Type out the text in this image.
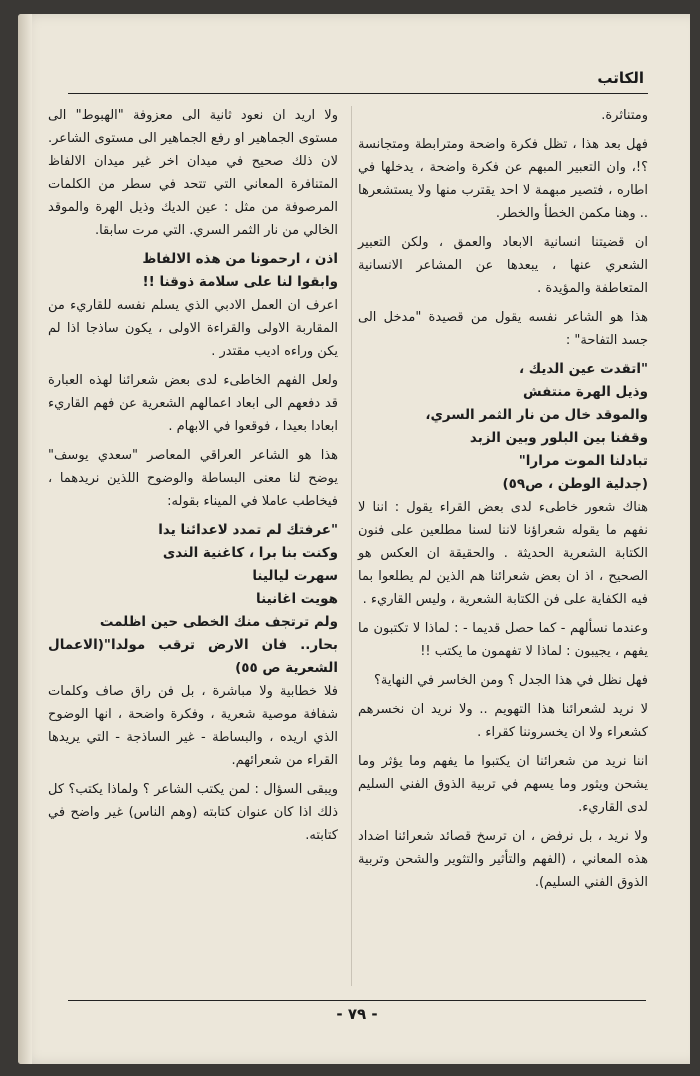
الكاتب

ومتناثرة.

فهل بعد هذا ، تظل فكرة واضحة ومترابطة ومتجانسة ؟!، وان التعبير المبهم عن فكرة واضحة ، يدخلها في اطاره ، فتصير مبهمة لا احد يقترب منها ولا يستشعرها .. وهنا مكمن الخطأ والخطر.

ان قضيتنا انسانية الابعاد والعمق ، ولكن التعبير الشعري عنها ، يبعدها عن المشاعر الانسانية المتعاطفة والمؤيدة .

هذا هو الشاعر نفسه يقول من قصيدة "مدخل الى جسد التفاحة" :

"اتقدت عين الديك ،

وذيل الهرة منتفش

والموقد خال من نار الثمر السري،

وقفنا بين البلور وبين الزبد

تبادلنا الموت مرارا"

(جدلية الوطن ، ص٥٩)

هناك شعور خاطىء لدى بعض القراء يقول : اننا لا نفهم ما يقوله شعراؤنا لاننا لسنا مطلعين على فنون الكتابة الشعرية الحديثة . والحقيقة ان العكس هو الصحيح ، اذ ان بعض شعرائنا هم الذين لم يطلعوا بما فيه الكفاية على فن الكتابة الشعرية ، وليس القاريء .

وعندما نسألهم - كما حصل قديما - : لماذا لا تكتبون ما يفهم ، يجيبون : لماذا لا تفهمون ما يكتب !!

فهل نظل في هذا الجدل ؟ ومن الخاسر في النهاية؟

لا نريد لشعرائنا هذا التهويم .. ولا نريد ان نخسرهم كشعراء ولا ان يخسروننا كقراء .

اننا نريد من شعرائنا ان يكتبوا ما يفهم وما يؤثر وما يشحن ويثور وما يسهم في تربية الذوق الفني السليم لدى القاريء.

ولا نريد ، بل نرفض ، ان ترسخ قصائد شعرائنا اضداد هذه المعاني ، (الفهم والتأثير والتثوير والشحن وتربية الذوق الفني السليم).

ولا اريد ان نعود ثانية الى معزوفة "الهبوط" الى مستوى الجماهير او رفع الجماهير الى مستوى الشاعر. لان ذلك صحيح في ميدان اخر غير ميدان الالفاظ المتنافرة المعاني التي تتحد في سطر من الكلمات المرصوفة من مثل : عين الديك وذيل الهرة والموقد الخالي من نار الثمر السري. التي مرت سابقا.

اذن ، ارحمونا من هذه الالفاظ

وابقوا لنا على سلامة ذوقنا !!

اعرف ان العمل الادبي الذي يسلم نفسه للقاريء من المقاربة الاولى والقراءة الاولى ، يكون ساذجا اذا لم يكن وراءه اديب مقتدر .

ولعل الفهم الخاطىء لدى بعض شعرائنا لهذه العبارة قد دفعهم الى ابعاد اعمالهم الشعرية عن فهم القاريء ابعادا بعيدا ، فوقعوا في الابهام .

هذا هو الشاعر العراقي المعاصر "سعدي يوسف" يوضح لنا معنى البساطة والوضوح اللذين نريدهما ، فيخاطب عاملا في الميناء بقوله:

"عرفتك لم تمدد لاعدائنا يدا

وكنت بنا برا ، كاغنية الندى

سهرت ليالينا

هويت اغانينا

ولم ترتجف منك الخطى حين اظلمت

بحار.. فان الارض ترقب مولدا"(الاعمال الشعرية ص ٥٥)

فلا خطابية ولا مباشرة ، بل فن راق صاف وكلمات شفافة موصية شعرية ، وفكرة واضحة ، انها الوضوح الذي اريده ، والبساطة - غير الساذجة - التي يريدها القراء من شعرائهم.

ويبقى السؤال : لمن يكتب الشاعر ؟ ولماذا يكتب؟ كل ذلك اذا كان عنوان كتابته (وهم الناس) غير واضح في كتابته.

- ٧٩ -
